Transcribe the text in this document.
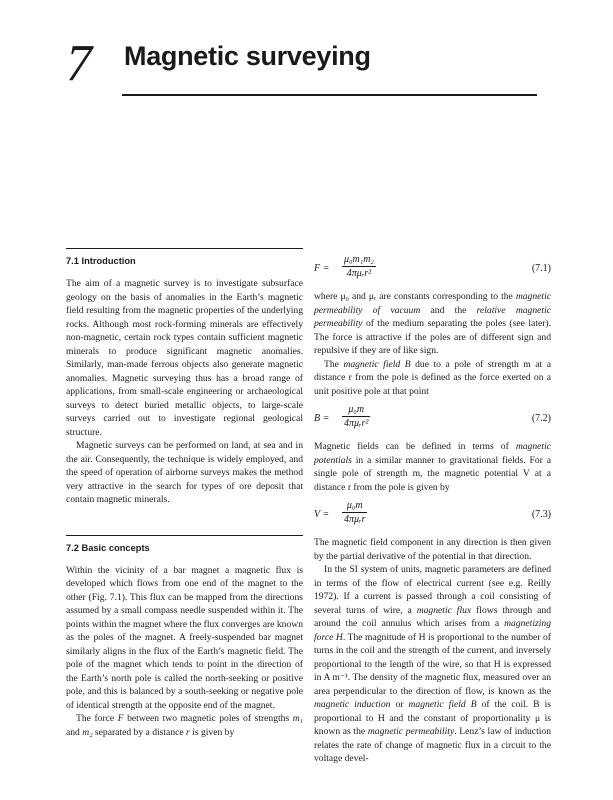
7 Magnetic surveying
7.1 Introduction

The aim of a magnetic survey is to investigate subsurface geology on the basis of anomalies in the Earth’s magnetic field resulting from the magnetic properties of the underlying rocks. Although most rock-forming minerals are effectively non-magnetic, certain rock types contain sufficient magnetic minerals to produce significant magnetic anomalies. Similarly, man-made ferrous objects also generate magnetic anomalies. Magnetic surveying thus has a broad range of applications, from small-scale engineering or archaeological surveys to detect buried metallic objects, to large-scale surveys carried out to investigate regional geological structure.

Magnetic surveys can be performed on land, at sea and in the air. Consequently, the technique is widely employed, and the speed of operation of airborne surveys makes the method very attractive in the search for types of ore deposit that contain magnetic minerals.

7.2 Basic concepts

Within the vicinity of a bar magnet a magnetic flux is developed which flows from one end of the magnet to the other (Fig. 7.1). This flux can be mapped from the directions assumed by a small compass needle suspended within it. The points within the magnet where the flux converges are known as the poles of the magnet. A freely-suspended bar magnet similarly aligns in the flux of the Earth’s magnetic field. The pole of the magnet which tends to point in the direction of the Earth’s north pole is called the north-seeking or positive pole, and this is balanced by a south-seeking or negative pole of identical strength at the opposite end of the magnet.

The force F between two magnetic poles of strengths m₁ and m₂ separated by a distance r is given by

F =
μ₀m₁m₂
4πμᵣr²	(7.1)

where μ₀ and μᵣ are constants corresponding to the magnetic permeability of vacuum and the relative magnetic permeability of the medium separating the poles (see later). The force is attractive if the poles are of different sign and repulsive if they are of like sign.

The magnetic field B due to a pole of strength m at a distance r from the pole is defined as the force exerted on a unit positive pole at that point

B =
μ₀m
4πμᵣr²	(7.2)

Magnetic fields can be defined in terms of magnetic potentials in a similar manner to gravitational fields. For a single pole of strength m, the magnetic potential V at a distance r from the pole is given by

V =
μ₀m
4πμᵣr	(7.3)

The magnetic field component in any direction is then given by the partial derivative of the potential in that direction.

In the SI system of units, magnetic parameters are defined in terms of the flow of electrical current (see e.g. Reilly 1972). If a current is passed through a coil consisting of several turns of wire, a magnetic flux flows through and around the coil annulus which arises from a magnetizing force H. The magnitude of H is proportional to the number of turns in the coil and the strength of the current, and inversely proportional to the length of the wire, so that H is expressed in A m⁻¹. The density of the magnetic flux, measured over an area perpendicular to the direction of flow, is known as the magnetic induction or magnetic field B of the coil. B is proportional to H and the constant of proportionality μ is known as the magnetic permeability. Lenz’s law of induction relates the rate of change of magnetic flux in a circuit to the voltage devel-
